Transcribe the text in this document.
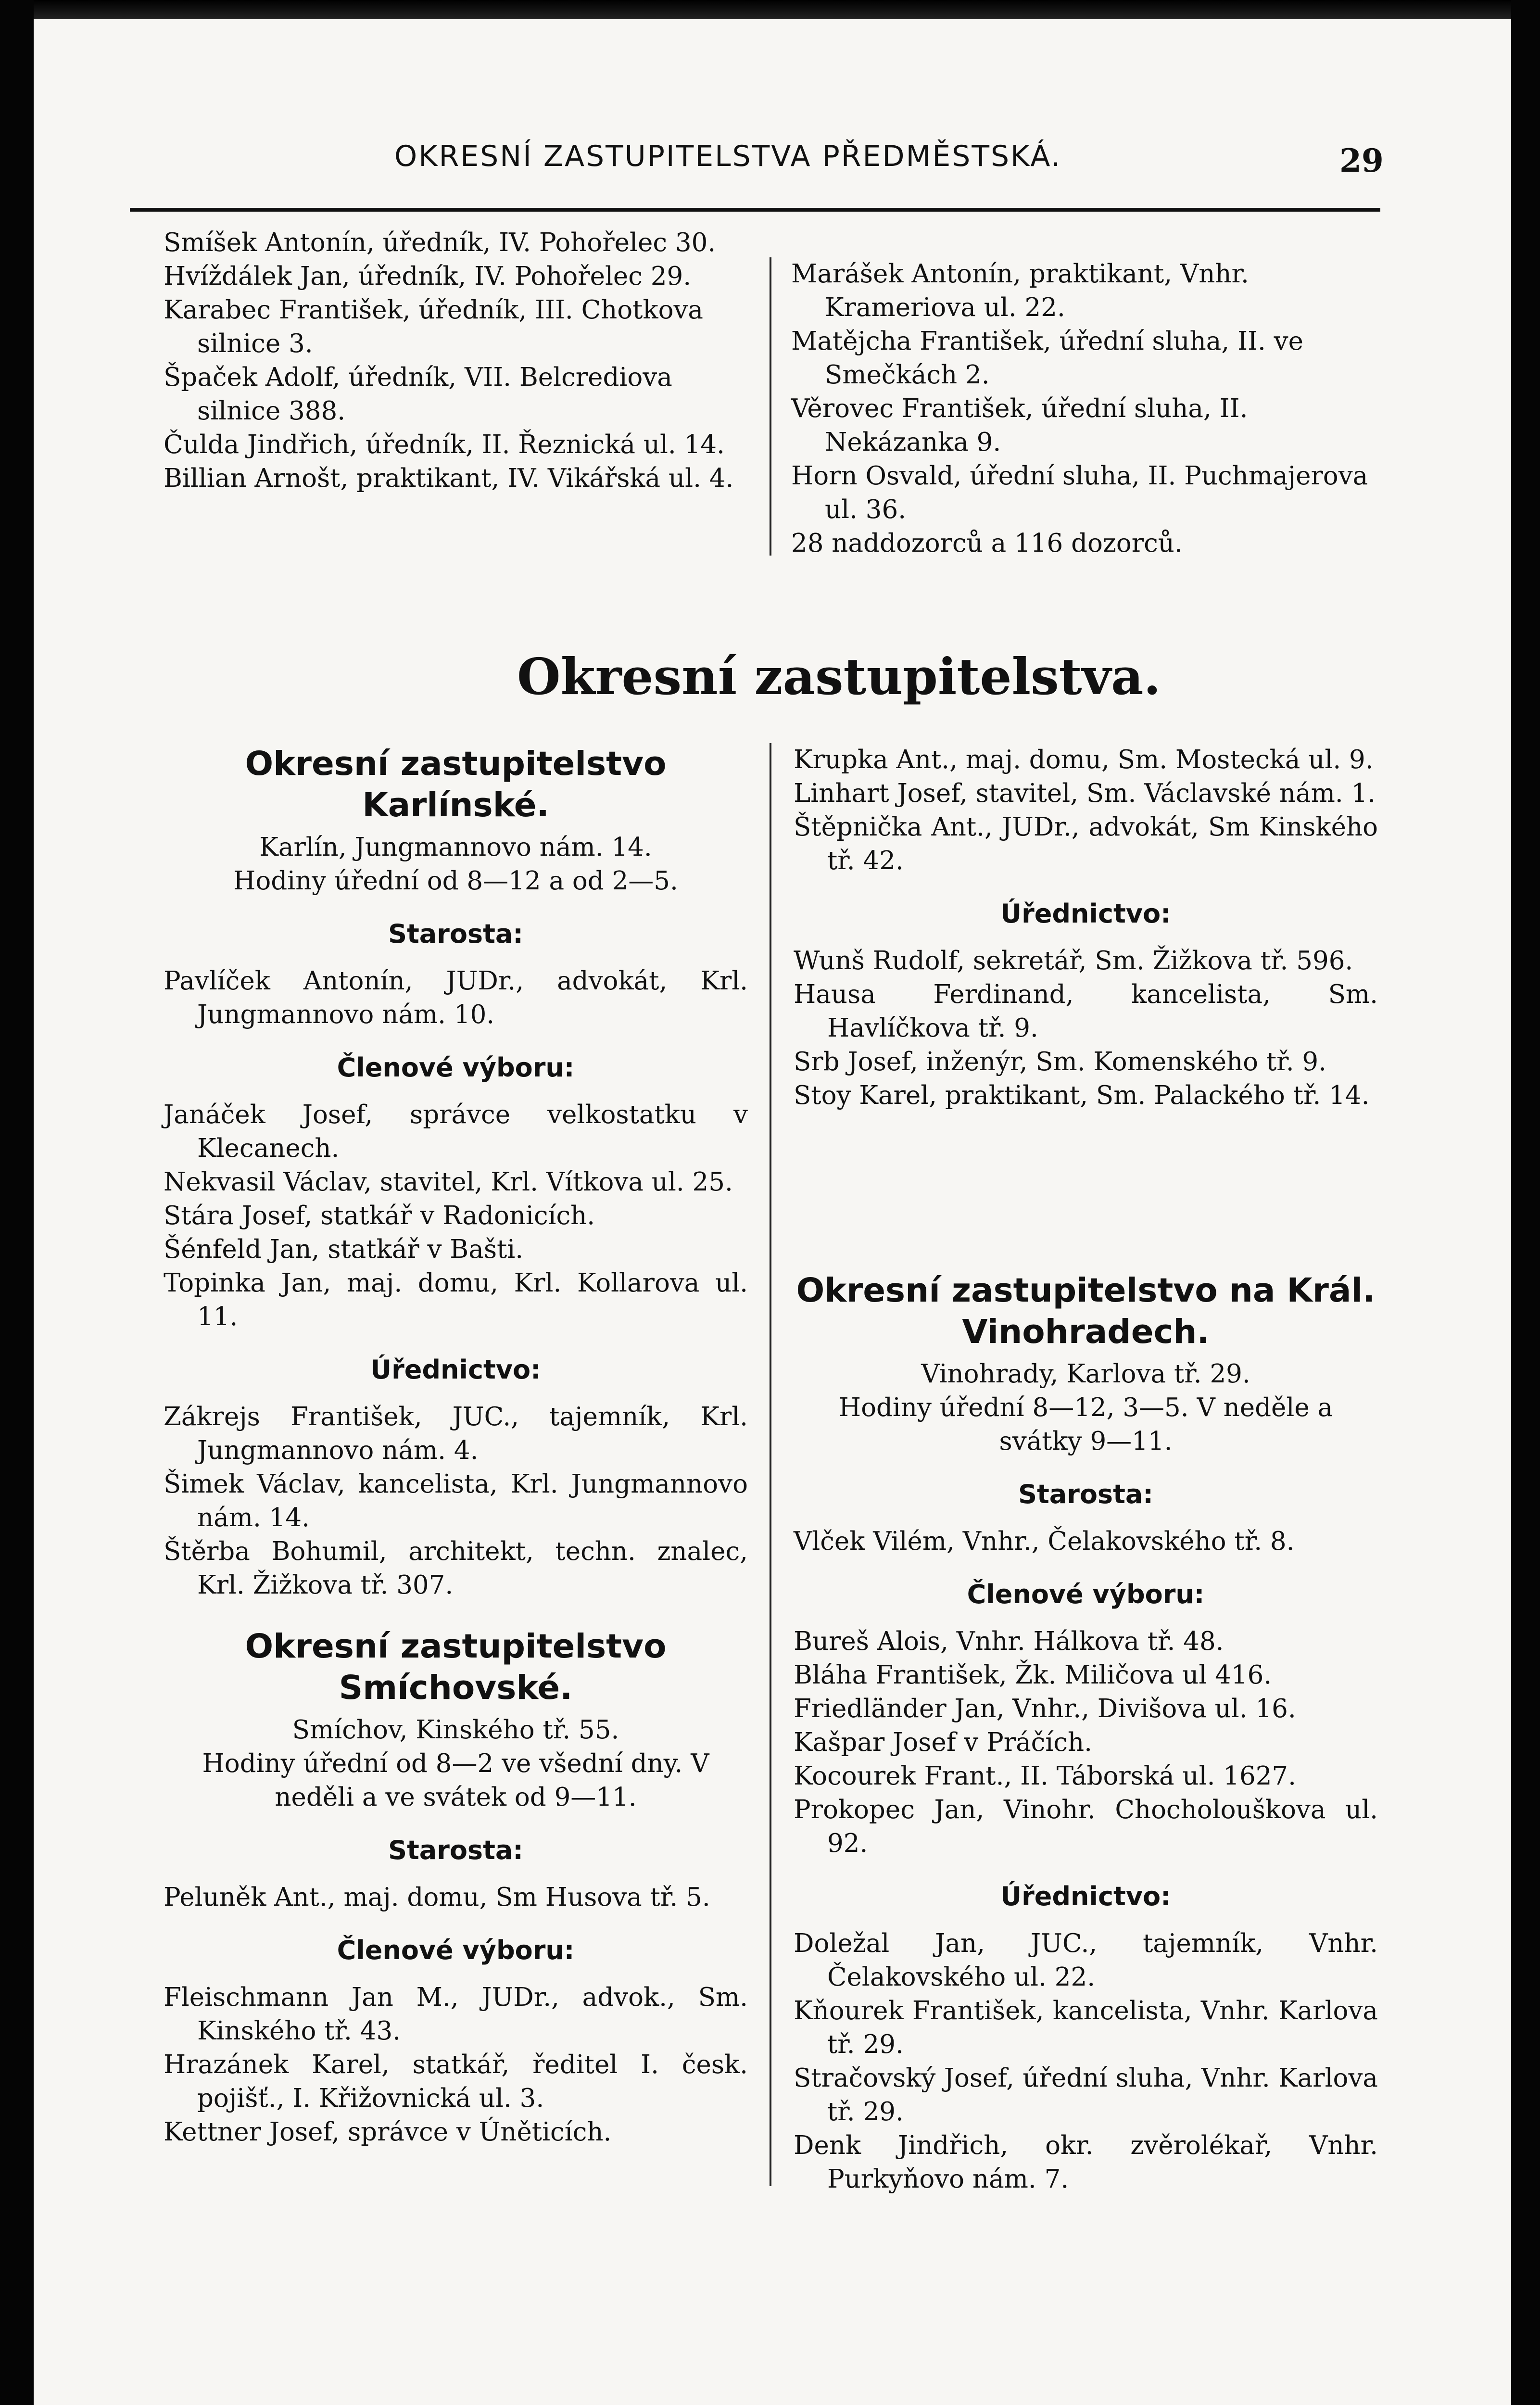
OKRESNÍ ZASTUPITELSTVA PŘEDMĚSTSKÁ.	29

Smíšek Antonín, úředník, IV. Pohořelec 30.

Hvíždálek Jan, úředník, IV. Pohořelec 29.

Karabec František, úředník, III. Chotkova silnice 3.

Špaček Adolf, úředník, VII. Belcrediova silnice 388.

Čulda Jindřich, úředník, II. Řeznická ul. 14.

Billian Arnošt, praktikant, IV. Vikářská ul. 4.

Marášek Antonín, praktikant, Vnhr. Krameriova ul. 22.

Matějcha František, úřední sluha, II. ve Smečkách 2.

Věrovec František, úřední sluha, II. Nekázanka 9.

Horn Osvald, úřední sluha, II. Puchmajerova ul. 36.

28 naddozorců a 116 dozorců.

Okresní zastupitelstva.
Okresní zastupitelstvo Karlínské.

Karlín, Jungmannovo nám. 14.

Hodiny úřední od 8—12 a od 2—5.

Starosta:

Pavlíček Antonín, JUDr., advokát, Krl. Jungmannovo nám. 10.

Členové výboru:

Janáček Josef, správce velkostatku v Klecanech.

Nekvasil Václav, stavitel, Krl. Vítkova ul. 25.

Stára Josef, statkář v Radonicích.

Šénfeld Jan, statkář v Bašti.

Topinka Jan, maj. domu, Krl. Kollarova ul. 11.

Úřednictvo:

Zákrejs František, JUC., tajemník, Krl. Jungmannovo nám. 4.

Šimek Václav, kancelista, Krl. Jungmannovo nám. 14.

Štěrba Bohumil, architekt, techn. znalec, Krl. Žižkova tř. 307.

Okresní zastupitelstvo Smíchovské.

Smíchov, Kinského tř. 55.

Hodiny úřední od 8—2 ve všední dny. V neděli a ve svátek od 9—11.

Starosta:

Peluněk Ant., maj. domu, Sm Husova tř. 5.

Členové výboru:

Fleischmann Jan M., JUDr., advok., Sm. Kinského tř. 43.

Hrazánek Karel, statkář, ředitel I. česk. pojišť., I. Křižovnická ul. 3.

Kettner Josef, správce v Úněticích.

Krupka Ant., maj. domu, Sm. Mostecká ul. 9.

Linhart Josef, stavitel, Sm. Václavské nám. 1.

Štěpnička Ant., JUDr., advokát, Sm Kinského tř. 42.

Úřednictvo:

Wunš Rudolf, sekretář, Sm. Žižkova tř. 596.

Hausa Ferdinand, kancelista, Sm. Havlíčkova tř. 9.

Srb Josef, inženýr, Sm. Komenského tř. 9.

Stoy Karel, praktikant, Sm. Palackého tř. 14.

Okresní zastupitelstvo na Král. Vinohradech.

Vinohrady, Karlova tř. 29.

Hodiny úřední 8—12, 3—5. V neděle a svátky 9—11.

Starosta:

Vlček Vilém, Vnhr., Čelakovského tř. 8.

Členové výboru:

Bureš Alois, Vnhr. Hálkova tř. 48.

Bláha František, Žk. Miličova ul 416.

Friedländer Jan, Vnhr., Divišova ul. 16.

Kašpar Josef v Práčích.

Kocourek Frant., II. Táborská ul. 1627.

Prokopec Jan, Vinohr. Chocholouškova ul. 92.

Úřednictvo:

Doležal Jan, JUC., tajemník, Vnhr. Čelakovského ul. 22.

Kňourek František, kancelista, Vnhr. Karlova tř. 29.

Stračovský Josef, úřední sluha, Vnhr. Karlova tř. 29.

Denk Jindřich, okr. zvěrolékař, Vnhr. Purkyňovo nám. 7.
